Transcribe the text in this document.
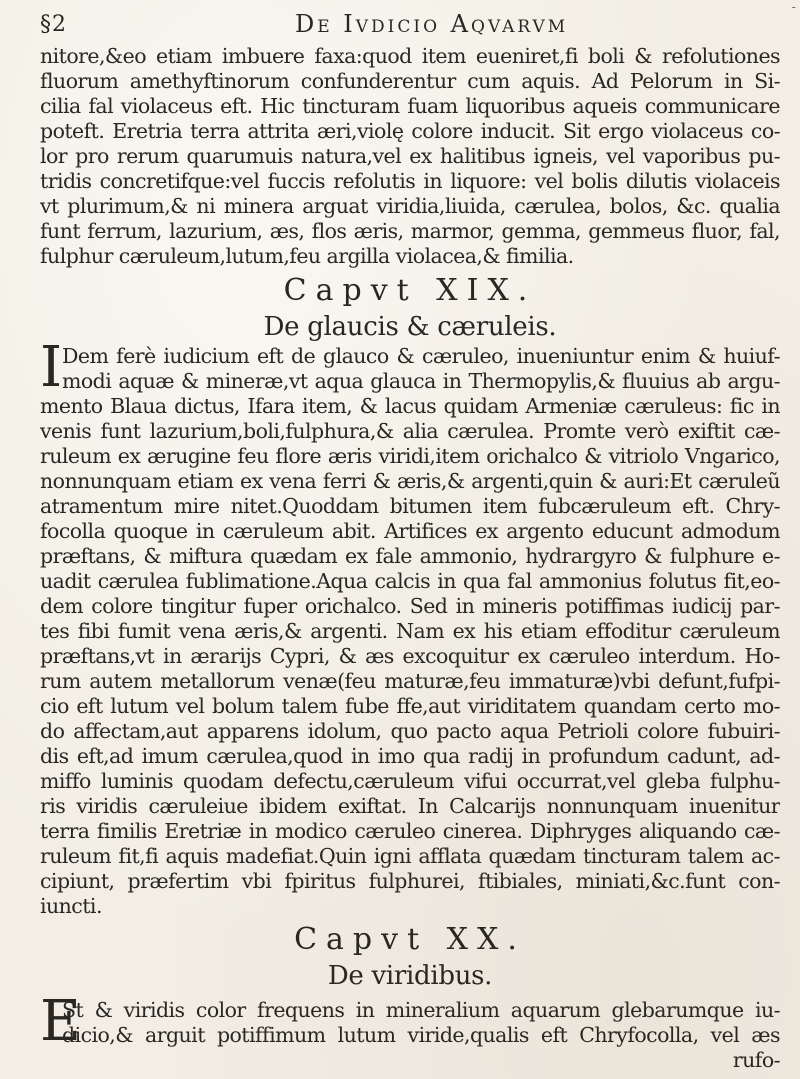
-
§2	De Ivdicio Aqvarvm
nitore,&eo etiam imbuere faxa:quod item eueniret,fi boli & refolutiones
fluorum amethyftinorum confunderentur cum aquis. Ad Pelorum in Si-
cilia fal violaceus eft. Hic tincturam fuam liquoribus aqueis communicare
poteft. Eretria terra attrita æri,violę colore inducit. Sit ergo violaceus co-
lor pro rerum quarumuis natura,vel ex halitibus igneis, vel vaporibus pu-
tridis concretifque:vel fuccis refolutis in liquore: vel bolis dilutis violaceis
vt plurimum,& ni minera arguat viridia,liuida, cærulea, bolos, &c. qualia
funt ferrum, lazurium, æs, flos æris, marmor, gemma, gemmeus fluor, fal,
fulphur cæruleum,lutum,feu argilla violacea,& fimilia.
Capvt XIX.
De glaucis & cæruleis.
I Dem ferè iudicium eft de glauco & cæruleo, inueniuntur enim & huiuf-
modi aquæ & mineræ,vt aqua glauca in Thermopylis,& fluuius ab argu-
mento Blaua dictus, Ifara item, & lacus quidam Armeniæ cæruleus: fic in
venis funt lazurium,boli,fulphura,& alia cærulea. Promte verò exiftit cæ-
ruleum ex ærugine feu flore æris viridi,item orichalco & vitriolo Vngarico,
nonnunquam etiam ex vena ferri & æris,& argenti,quin & auri:Et cæruleũ
atramentum mire nitet.Quoddam bitumen item fubcæruleum eft. Chry-
focolla quoque in cæruleum abit. Artifices ex argento educunt admodum
præftans, & miftura quædam ex fale ammonio, hydrargyro & fulphure e-
uadit cærulea fublimatione.Aqua calcis in qua fal ammonius folutus fit,eo-
dem colore tingitur fuper orichalco. Sed in mineris potiffimas iudicij par-
tes fibi fumit vena æris,& argenti. Nam ex his etiam effoditur cæruleum
præftans,vt in ærarijs Cypri, & æs excoquitur ex cæruleo interdum. Ho-
rum autem metallorum venæ(feu maturæ,feu immaturæ)vbi defunt,fufpi-
cio eft lutum vel bolum talem fube ffe,aut viriditatem quandam certo mo-
do affectam,aut apparens idolum, quo pacto aqua Petrioli colore fubuiri-
dis eft,ad imum cærulea,quod in imo qua radij in profundum cadunt, ad-
miffo luminis quodam defectu,cæruleum vifui occurrat,vel gleba fulphu-
ris viridis cæruleiue ibidem exiftat. In Calcarijs nonnunquam inuenitur
terra fimilis Eretriæ in modico cæruleo cinerea. Diphryges aliquando cæ-
ruleum fit,fi aquis madefiat.Quin igni afflata quædam tincturam talem ac-
cipiunt, præfertim vbi fpiritus fulphurei, ftibiales, miniati,&c.funt con-
iuncti.
Capvt XX.
De viridibus.
E
St & viridis color frequens in mineralium aquarum glebarumque iu-
dicio,& arguit potiffimum lutum viride,qualis eft Chryfocolla, vel æs
rufo-
